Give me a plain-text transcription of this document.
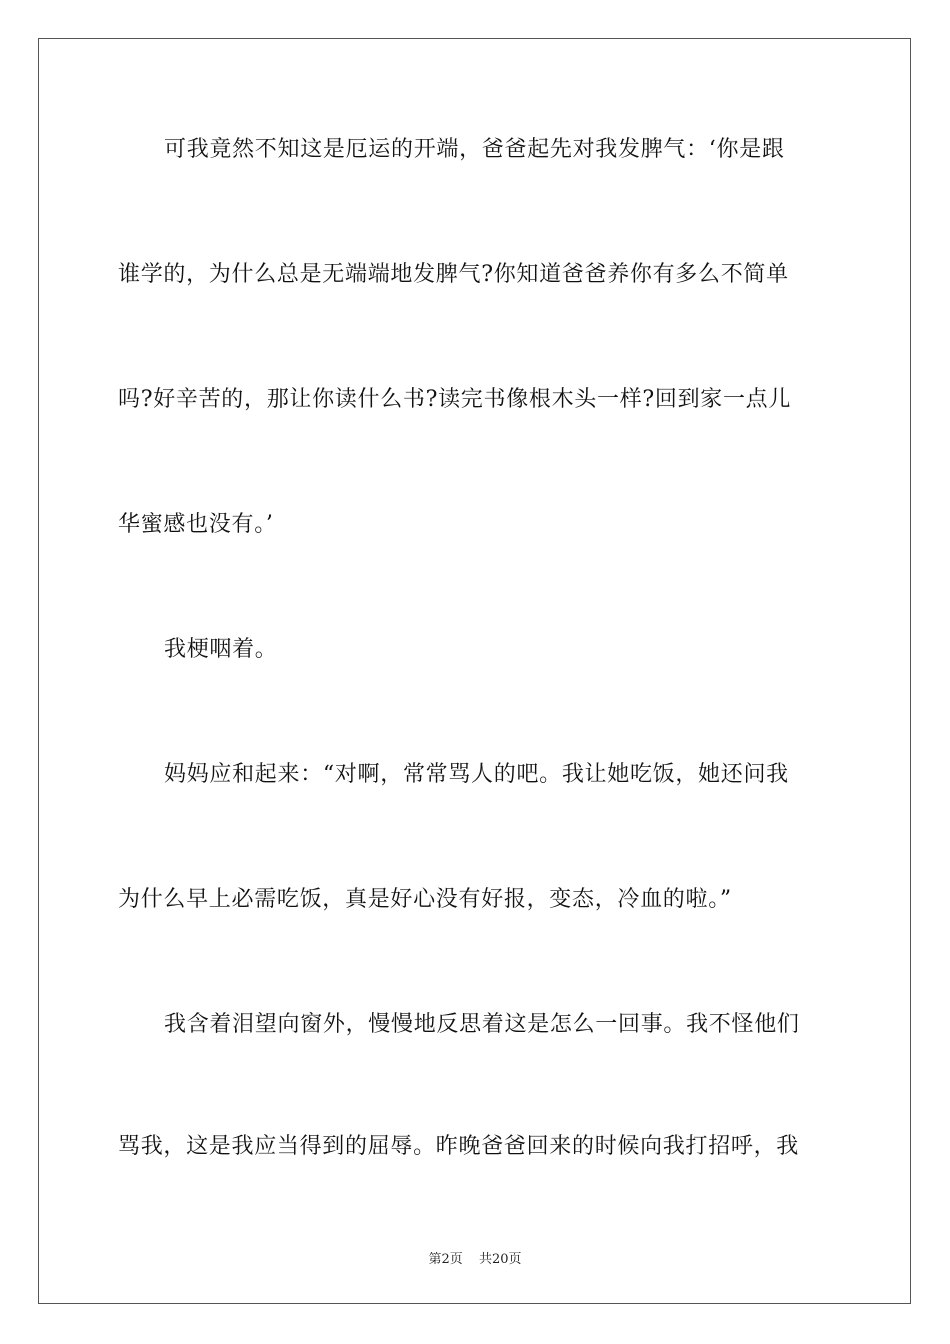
可我竟然不知这是厄运的开端，爸爸起先对我发脾气：‘你是跟
谁学的，为什么总是无端端地发脾气?你知道爸爸养你有多么不简单
吗?好辛苦的，那让你读什么书?读完书像根木头一样?回到家一点儿
华蜜感也没有。’
我梗咽着。
妈妈应和起来：“对啊，常常骂人的吧。我让她吃饭，她还问我
为什么早上必需吃饭，真是好心没有好报，变态，冷血的啦。”
我含着泪望向窗外，慢慢地反思着这是怎么一回事。我不怪他们
骂我，这是我应当得到的屈辱。昨晚爸爸回来的时候向我打招呼，我
第2页 共20页
